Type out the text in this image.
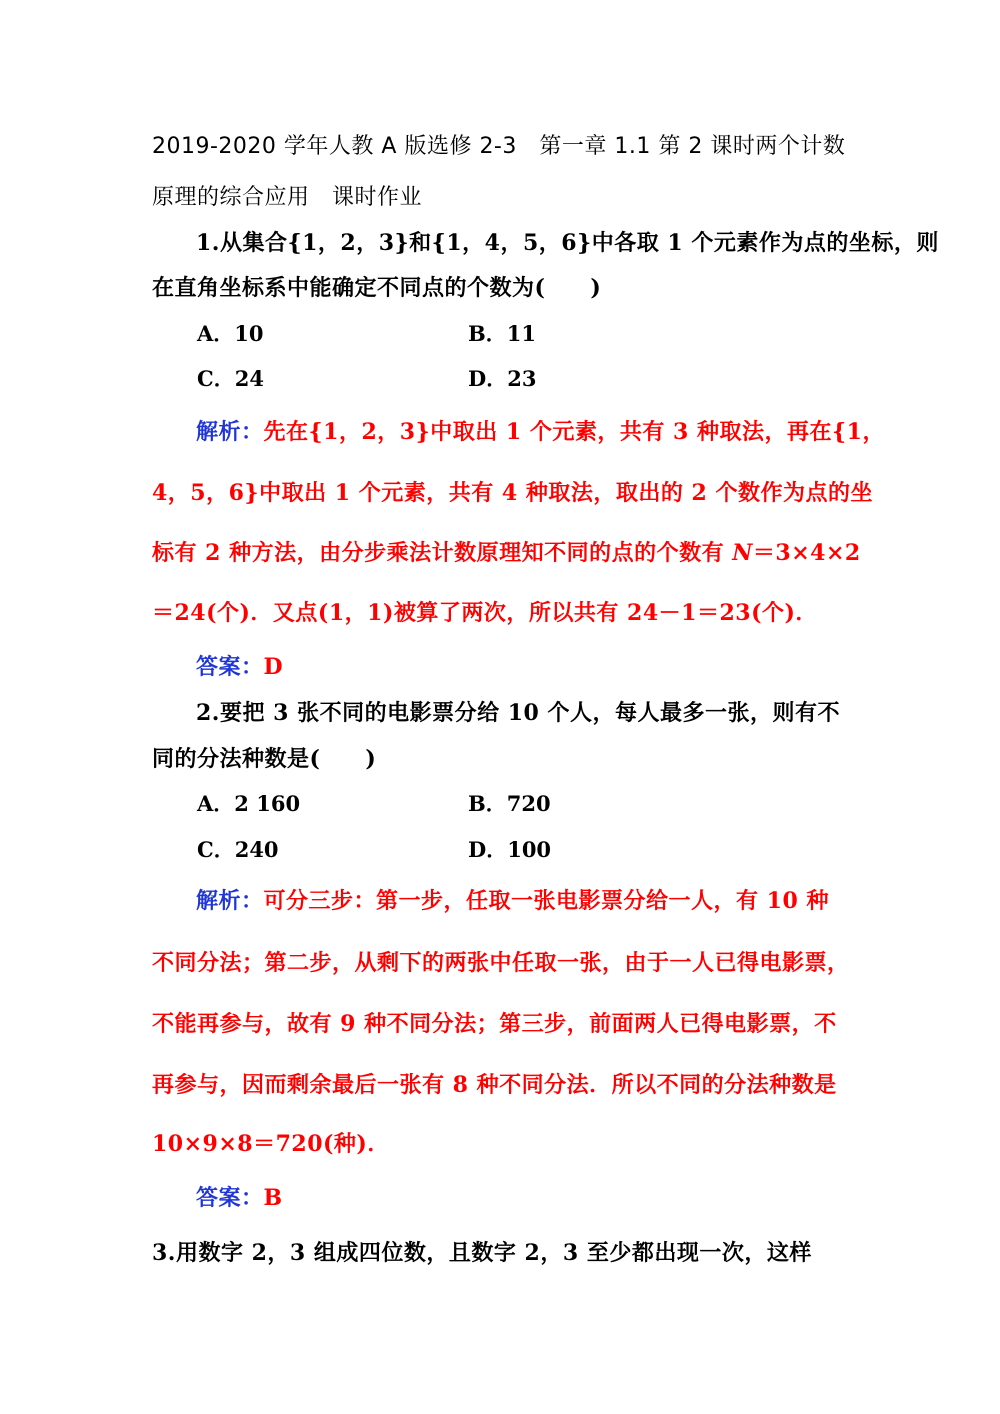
2019-2020 学年人教 A 版选修 2-3　第一章 1.1 第 2 课时两个计数
原理的综合应用　课时作业
1.从集合{1，2，3}和{1，4，5，6}中各取 1 个元素作为点的坐标，则
在直角坐标系中能确定不同点的个数为(　　)
A．10	B．11
C．24	D．23
解析：先在{1，2，3}中取出 1 个元素，共有 3 种取法，再在{1，
4，5，6}中取出 1 个元素，共有 4 种取法，取出的 2 个数作为点的坐
标有 2 种方法，由分步乘法计数原理知不同的点的个数有 N＝3×4×2
＝24(个)．又点(1，1)被算了两次，所以共有 24－1＝23(个)．
答案：D
2.要把 3 张不同的电影票分给 10 个人，每人最多一张，则有不
同的分法种数是(　　)
A．2 160	B．720
C．240	D．100
解析：可分三步：第一步，任取一张电影票分给一人，有 10 种
不同分法；第二步，从剩下的两张中任取一张，由于一人已得电影票，
不能再参与，故有 9 种不同分法；第三步，前面两人已得电影票，不
再参与，因而剩余最后一张有 8 种不同分法．所以不同的分法种数是
10×9×8＝720(种)．
答案：B
3.用数字 2，3 组成四位数，且数字 2，3 至少都出现一次，这样
